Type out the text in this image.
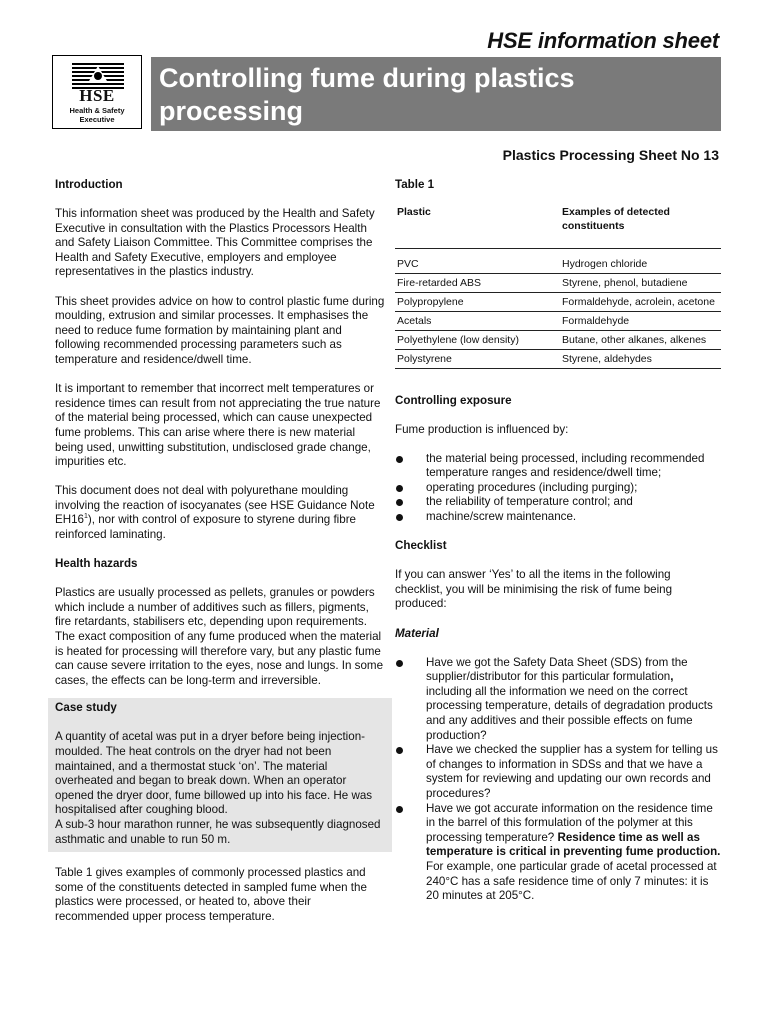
HSE information sheet
HSE
Health & Safety
Executive
Controlling fume during plastics
processing
Plastics Processing Sheet No 13
Introduction

This information sheet was produced by the Health and Safety Executive in consultation with the Plastics Processors Health and Safety Liaison Committee. This Committee comprises the Health and Safety Executive, employers and employee representatives in the plastics industry.

This sheet provides advice on how to control plastic fume during moulding, extrusion and similar processes. It emphasises the need to reduce fume formation by maintaining plant and following recommended processing parameters such as temperature and residence/dwell time.

It is important to remember that incorrect melt temperatures or residence times can result from not appreciating the true nature of the material being processed, which can cause unexpected fume problems. This can arise where there is new material being used, unwitting substitution, undisclosed grade change, impurities etc.

This document does not deal with polyurethane moulding involving the reaction of isocyanates (see HSE Guidance Note $EH16^1$), nor with control of exposure to styrene during fibre reinforced laminating.

Health hazards

Plastics are usually processed as pellets, granules or powders which include a number of additives such as fillers, pigments, fire retardants, stabilisers etc, depending upon requirements. The exact composition of any fume produced when the material is heated for processing will therefore vary, but any plastic fume can cause severe irritation to the eyes, nose and lungs. In some cases, the effects can be long-term and irreversible.

Case study

A quantity of acetal was put in a dryer before being injection-moulded. The heat controls on the dryer had not been maintained, and a thermostat stuck ‘on’. The material overheated and began to break down. When an operator opened the dryer door, fume billowed up into his face. He was hospitalised after coughing blood.

A sub-3 hour marathon runner, he was subsequently diagnosed asthmatic and unable to run 50 m.

Table 1 gives examples of commonly processed plastics and some of the constituents detected in sampled fume when the plastics were processed, or heated to, above their recommended upper process temperature.

Table 1
Plastic	Examples of detected constituents
PVC	Hydrogen chloride
Fire-retarded ABS	Styrene, phenol, butadiene
Polypropylene	Formaldehyde, acrolein, acetone
Acetals	Formaldehyde
Polyethylene (low density)	Butane, other alkanes, alkenes
Polystyrene	Styrene, aldehydes
Controlling exposure

Fume production is influenced by:

the material being processed, including recommended temperature ranges and residence/dwell time;
operating procedures (including purging);
the reliability of temperature control; and
machine/screw maintenance.
Checklist

If you can answer ‘Yes’ to all the items in the following checklist, you will be minimising the risk of fume being produced:

Material
Have we got the Safety Data Sheet (SDS) from the supplier/distributor for this particular formulation, including all the information we need on the correct processing temperature, details of degradation products and any additives and their possible effects on fume production?
Have we checked the supplier has a system for telling us of changes to information in SDSs and that we have a system for reviewing and updating our own records and procedures?
Have we got accurate information on the residence time in the barrel of this formulation of the polymer at this processing temperature? Residence time as well as temperature is critical in preventing fume production. For example, one particular grade of acetal processed at 240°C has a safe residence time of only 7 minutes: it is 20 minutes at 205°C.
